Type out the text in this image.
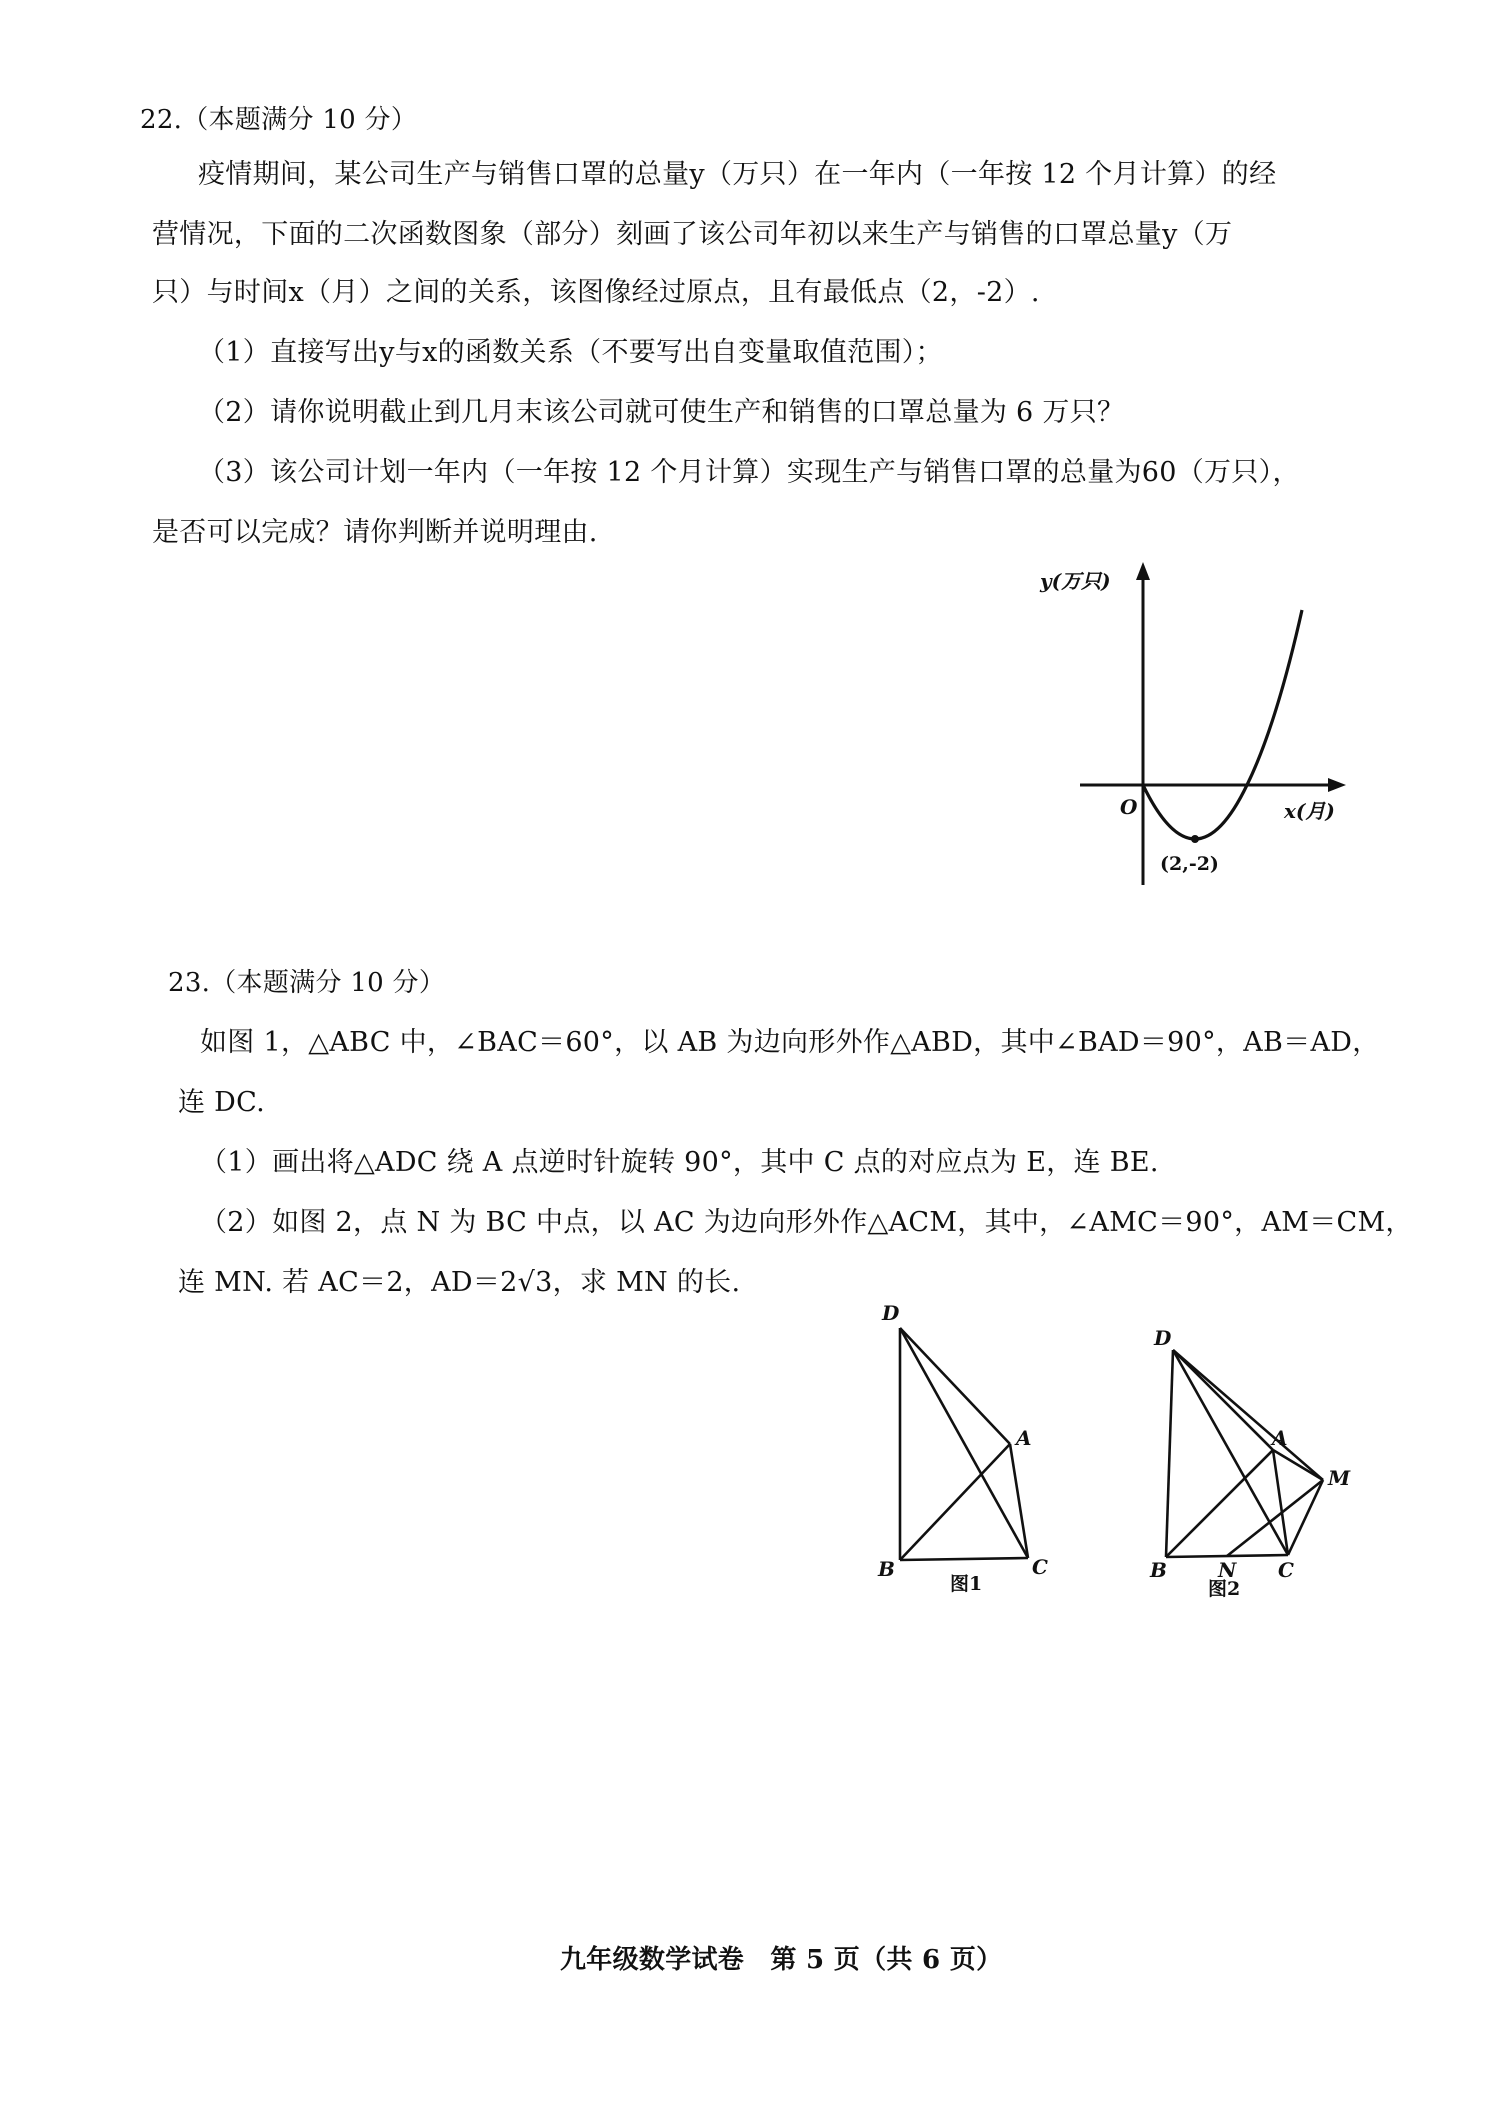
22.（本题满分 10 分）

疫情期间，某公司生产与销售口罩的总量y（万只）在一年内（一年按 12 个月计算）的经

营情况，下面的二次函数图象（部分）刻画了该公司年初以来生产与销售的口罩总量y（万

只）与时间x（月）之间的关系，该图像经过原点，且有最低点（2，-2）.

（1）直接写出y与x的函数关系（不要写出自变量取值范围）；

（2）请你说明截止到几月末该公司就可使生产和销售的口罩总量为 6 万只？

（3）该公司计划一年内（一年按 12 个月计算）实现生产与销售口罩的总量为60（万只），

是否可以完成？请你判断并说明理由.

y(万只)
O	x(月)
(2,-2)

23.（本题满分 10 分）

如图 1，△ABC 中，∠BAC＝60°，以 AB 为边向形外作△ABD，其中∠BAD＝90°，AB＝AD，

连 DC.

（1）画出将△ADC 绕 A 点逆时针旋转 90°，其中 C 点的对应点为 E，连 BE.

（2）如图 2，点 N 为 BC 中点，以 AC 为边向形外作△ACM，其中，∠AMC＝90°，AM＝CM，

连 MN. 若 AC＝2，AD＝2√3，求 MN 的长.

D
A
B	C
图1
D
A
M
B	N C
图2

九年级数学试卷　第 5 页（共 6 页）
